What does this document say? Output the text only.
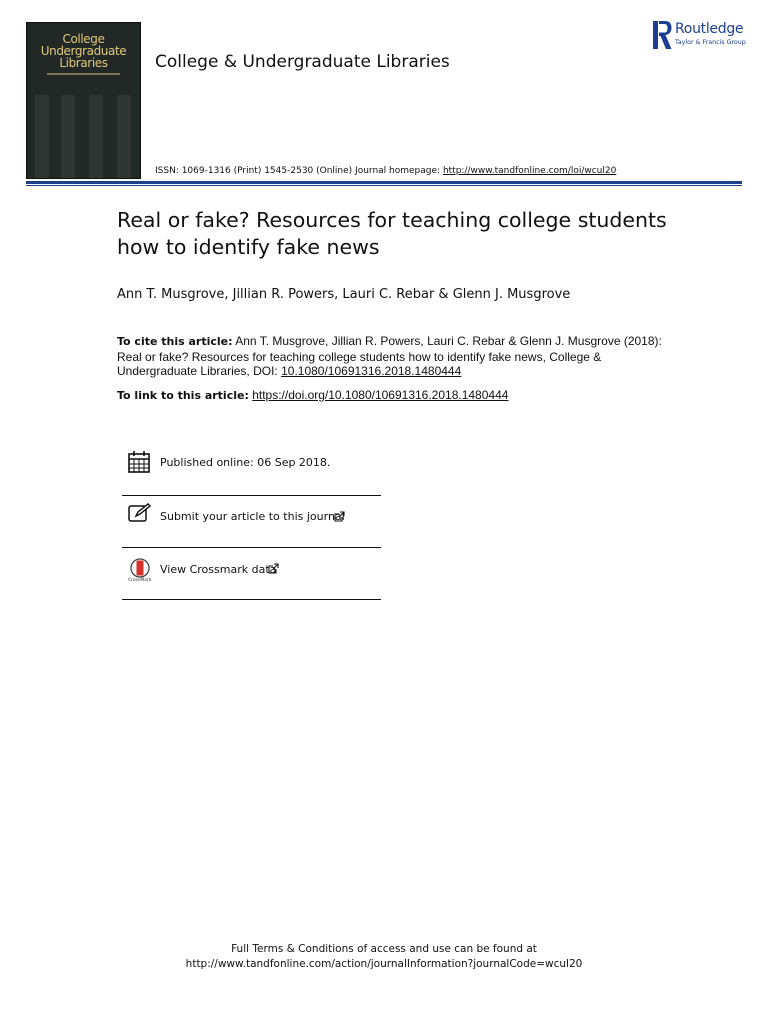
College
Undergraduate
Libraries	College & Undergraduate Libraries
Routledge
Taylor & Francis Group
ISSN: 1069-1316 (Print) 1545-2530 (Online) Journal homepage: http://www.tandfonline.com/loi/wcul20
Real or fake? Resources for teaching college students how to identify fake news
Ann T. Musgrove, Jillian R. Powers, Lauri C. Rebar & Glenn J. Musgrove
To cite this article: Ann T. Musgrove, Jillian R. Powers, Lauri C. Rebar & Glenn J. Musgrove (2018): Real or fake? Resources for teaching college students how to identify fake news, College & Undergraduate Libraries, DOI: 10.1080/10691316.2018.1480444
To link to this article: https://doi.org/10.1080/10691316.2018.1480444
Published online: 06 Sep 2018.
Submit your article to this journal
CrossMark
View Crossmark data
Full Terms & Conditions of access and use can be found at
http://www.tandfonline.com/action/journalInformation?journalCode=wcul20
